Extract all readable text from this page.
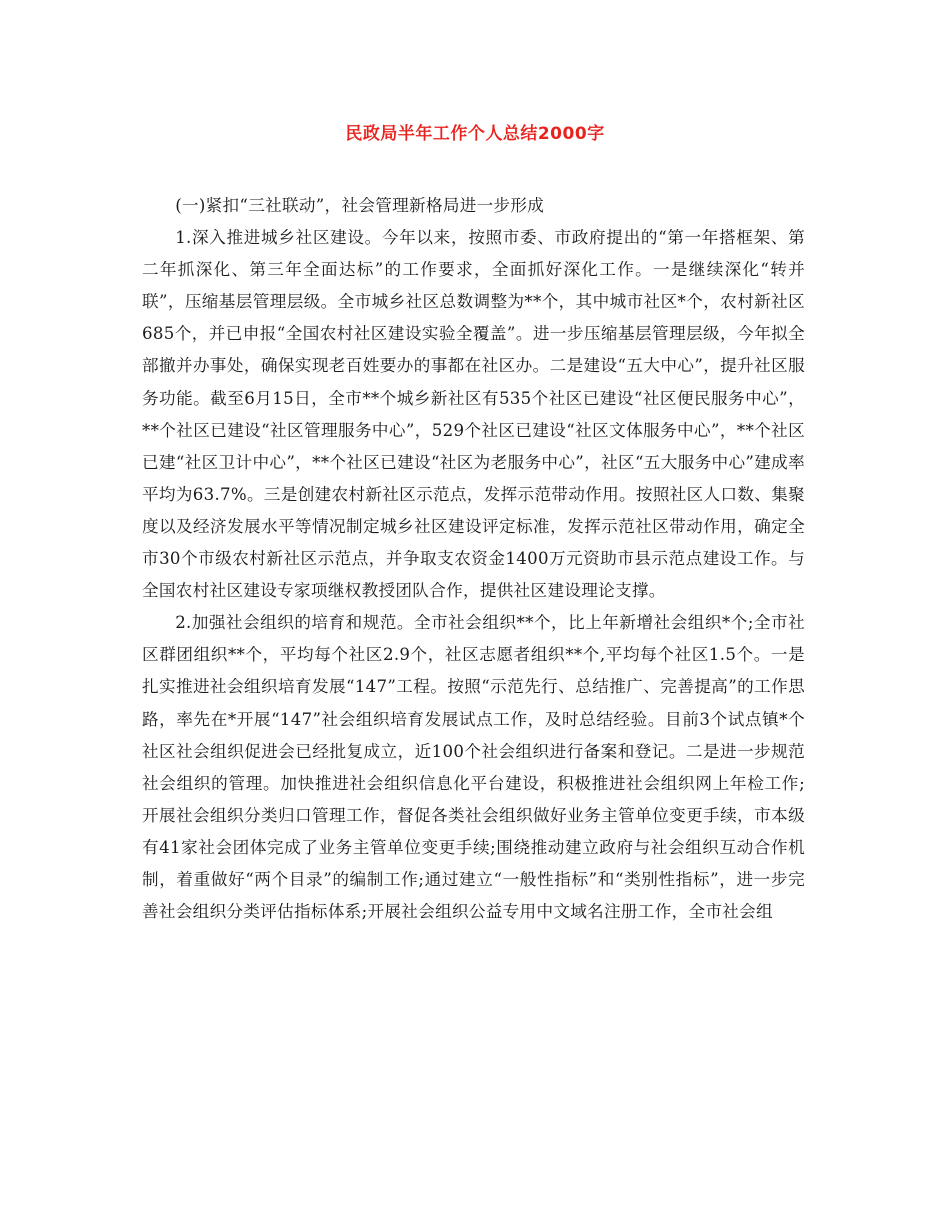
民政局半年工作个人总结2000字

(一)紧扣“三社联动”，社会管理新格局进一步形成

1.深入推进城乡社区建设。今年以来，按照市委、市政府提出的“第一年搭框架、第二年抓深化、第三年全面达标”的工作要求，全面抓好深化工作。一是继续深化“转并联”，压缩基层管理层级。全市城乡社区总数调整为**个，其中城市社区*个，农村新社区685个，并已申报“全国农村社区建设实验全覆盖”。进一步压缩基层管理层级，今年拟全部撤并办事处，确保实现老百姓要办的事都在社区办。二是建设“五大中心”，提升社区服务功能。截至6月15日，全市**个城乡新社区有535个社区已建设“社区便民服务中心”，**个社区已建设“社区管理服务中心”，529个社区已建设“社区文体服务中心”，**个社区已建“社区卫计中心”，**个社区已建设“社区为老服务中心”，社区“五大服务中心”建成率平均为63.7%。三是创建农村新社区示范点，发挥示范带动作用。按照社区人口数、集聚度以及经济发展水平等情况制定城乡社区建设评定标准，发挥示范社区带动作用，确定全市30个市级农村新社区示范点，并争取支农资金1400万元资助市县示范点建设工作。与全国农村社区建设专家项继权教授团队合作，提供社区建设理论支撑。

2.加强社会组织的培育和规范。全市社会组织**个，比上年新增社会组织*个;全市社区群团组织**个，平均每个社区2.9个，社区志愿者组织**个,平均每个社区1.5个。一是扎实推进社会组织培育发展“147”工程。按照“示范先行、总结推广、完善提高”的工作思路，率先在*开展“147”社会组织培育发展试点工作，及时总结经验。目前3个试点镇*个社区社会组织促进会已经批复成立，近100个社会组织进行备案和登记。二是进一步规范社会组织的管理。加快推进社会组织信息化平台建设，积极推进社会组织网上年检工作;开展社会组织分类归口管理工作，督促各类社会组织做好业务主管单位变更手续，市本级有41家社会团体完成了业务主管单位变更手续;围绕推动建立政府与社会组织互动合作机制，着重做好“两个目录”的编制工作;通过建立“一般性指标”和“类别性指标”，进一步完善社会组织分类评估指标体系;开展社会组织公益专用中文域名注册工作，全市社会组
